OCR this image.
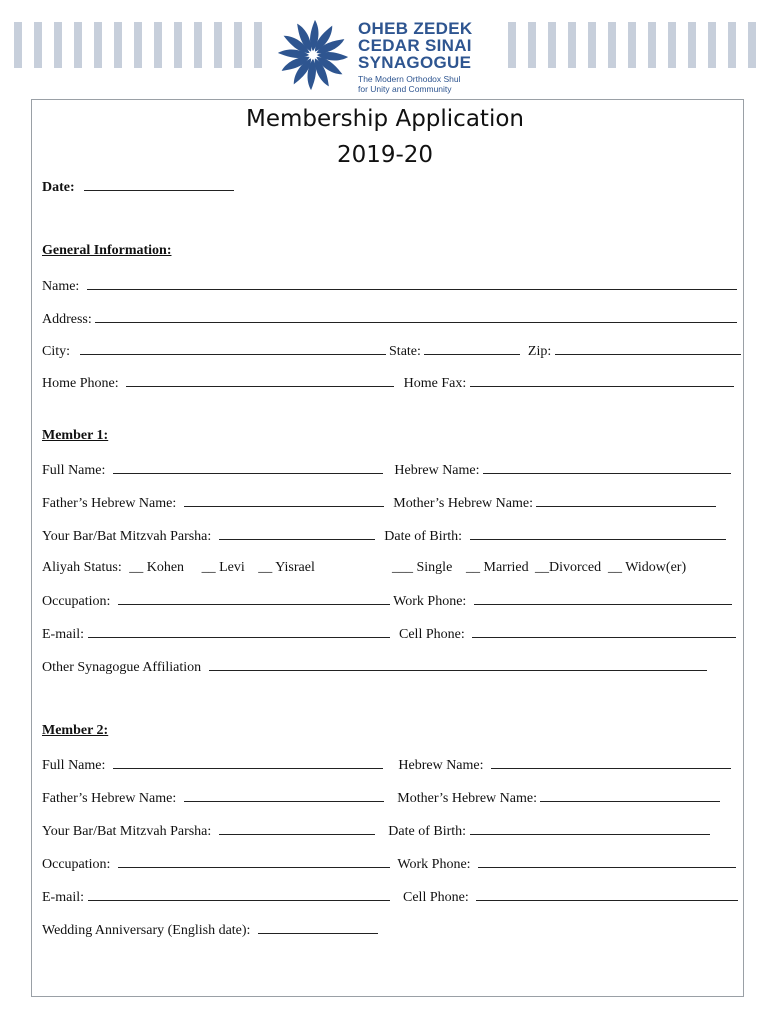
OHEB ZEDEK
CEDAR SINAI
SYNAGOGUE
The Modern Orthodox Shul
for Unity and Community
Membership Application
2019-20
Date:
General Information:
Name:
Address:
City:	State:	Zip:
Home Phone:	Home Fax:
Member 1:
Full Name:	Hebrew Name:
Father’s Hebrew Name:	Mother’s Hebrew Name:
Your Bar/Bat Mitzvah Parsha:	Date of Birth:
Aliyah Status: __ Kohen __ Levi __ Yisrael	___ Single __ Married __Divorced __ Widow(er)
Occupation:	Work Phone:
E-mail:	Cell Phone:
Other Synagogue Affiliation
Member 2:
Full Name:	Hebrew Name:
Father’s Hebrew Name:	Mother’s Hebrew Name:
Your Bar/Bat Mitzvah Parsha:	Date of Birth:
Occupation:	Work Phone:
E-mail:	Cell Phone:
Wedding Anniversary (English date):
